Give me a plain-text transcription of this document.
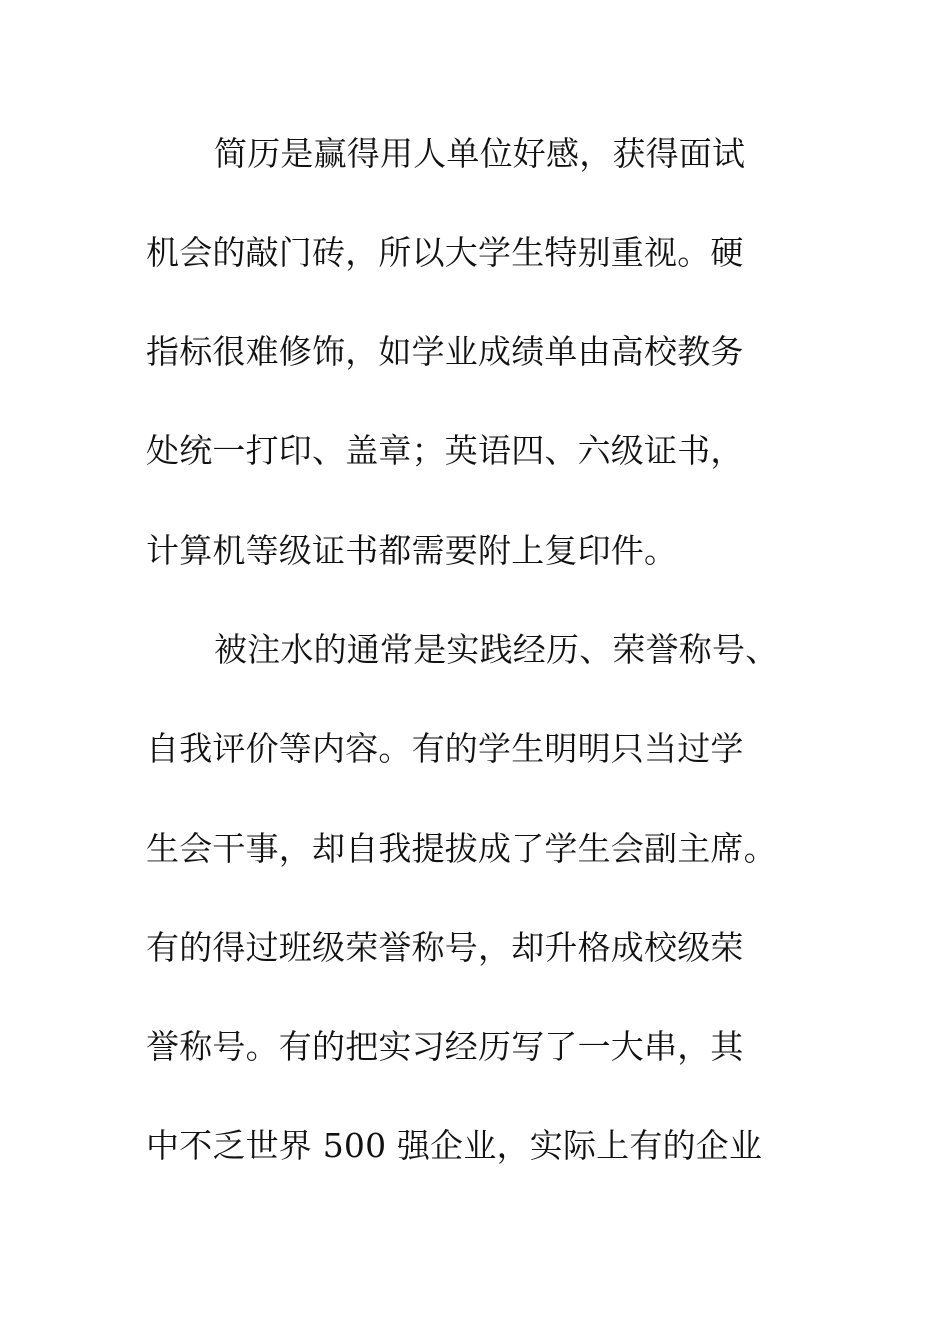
简历是赢得用人单位好感，获得面试
机会的敲门砖，所以大学生特别重视。硬
指标很难修饰，如学业成绩单由高校教务
处统一打印、盖章；英语四、六级证书，
计算机等级证书都需要附上复印件。
被注水的通常是实践经历、荣誉称号、
自我评价等内容。有的学生明明只当过学
生会干事，却自我提拔成了学生会副主席。
有的得过班级荣誉称号，却升格成校级荣
誉称号。有的把实习经历写了一大串，其
中不乏世界 500 强企业，实际上有的企业
